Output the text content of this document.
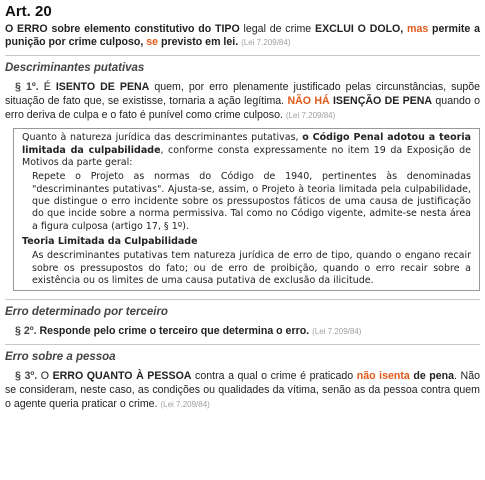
Art. 20

O ERRO sobre elemento constitutivo do TIPO legal de crime EXCLUI O DOLO, mas permite a punição por crime culposo, se previsto em lei. (Lei 7.209/84)

Descriminantes putativas

§ 1º. É ISENTO DE PENA quem, por erro plenamente justificado pelas circunstâncias, supõe situação de fato que, se existisse, tornaria a ação legítima. NÃO HÁ ISENÇÃO DE PENA quando o erro deriva de culpa e o fato é punível como crime culposo. (Lei 7.209/84)

Quanto à natureza jurídica das descriminantes putativas, o Código Penal adotou a teoria limitada da culpabilidade, conforme consta expressamente no item 19 da Exposição de Motivos da parte geral:

Repete o Projeto as normas do Código de 1940, pertinentes às denominadas "descriminantes putativas". Ajusta-se, assim, o Projeto à teoria limitada pela culpabilidade, que distingue o erro incidente sobre os pressupostos fáticos de uma causa de justificação do que incide sobre a norma permissiva. Tal como no Código vigente, admite-se nesta área a figura culposa (artigo 17, § 1º).

Teoria Limitada da Culpabilidade

As descriminantes putativas tem natureza jurídica de erro de tipo, quando o engano recair sobre os pressupostos do fato; ou de erro de proibição, quando o erro recair sobre a existência ou os limites de uma causa putativa de exclusão da ilicitude.

Erro determinado por terceiro

§ 2º. Responde pelo crime o terceiro que determina o erro. (Lei 7.209/84)

Erro sobre a pessoa

§ 3º. O ERRO QUANTO À PESSOA contra a qual o crime é praticado não isenta de pena. Não se consideram, neste caso, as condições ou qualidades da vítima, senão as da pessoa contra quem o agente queria praticar o crime. (Lei 7.209/84)
